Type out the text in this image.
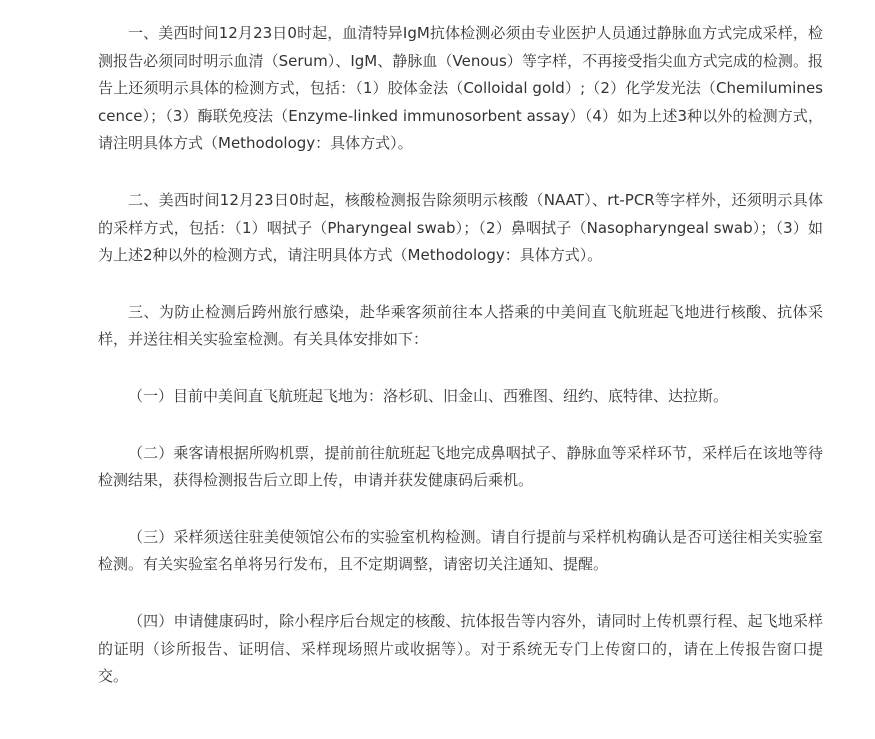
一、美西时间12月23日0时起，血清特异IgM抗体检测必须由专业医护人员通过静脉血方式完成采样，检测报告必须同时明示血清（Serum）、IgM、静脉血（Venous）等字样，不再接受指尖血方式完成的检测。报告上还须明示具体的检测方式，包括：（1）胶体金法（Colloidal gold）;（2）化学发光法（Chemiluminescence）；（3）酶联免疫法（Enzyme-linked immunosorbent assay）（4）如为上述3种以外的检测方式，请注明具体方式（Methodology：具体方式）。

二、美西时间12月23日0时起，核酸检测报告除须明示核酸（NAAT）、rt-PCR等字样外，还须明示具体的采样方式，包括：（1）咽拭子（Pharyngeal swab）；（2）鼻咽拭子（Nasopharyngeal swab）；（3）如为上述2种以外的检测方式，请注明具体方式（Methodology：具体方式）。

三、为防止检测后跨州旅行感染，赴华乘客须前往本人搭乘的中美间直飞航班起飞地进行核酸、抗体采样，并送往相关实验室检测。有关具体安排如下：

（一）目前中美间直飞航班起飞地为：洛杉矶、旧金山、西雅图、纽约、底特律、达拉斯。

（二）乘客请根据所购机票，提前前往航班起飞地完成鼻咽拭子、静脉血等采样环节，采样后在该地等待检测结果，获得检测报告后立即上传，申请并获发健康码后乘机。

（三）采样须送往驻美使领馆公布的实验室机构检测。请自行提前与采样机构确认是否可送往相关实验室检测。有关实验室名单将另行发布，且不定期调整，请密切关注通知、提醒。

（四）申请健康码时，除小程序后台规定的核酸、抗体报告等内容外，请同时上传机票行程、起飞地采样的证明（诊所报告、证明信、采样现场照片或收据等）。对于系统无专门上传窗口的，请在上传报告窗口提交。
